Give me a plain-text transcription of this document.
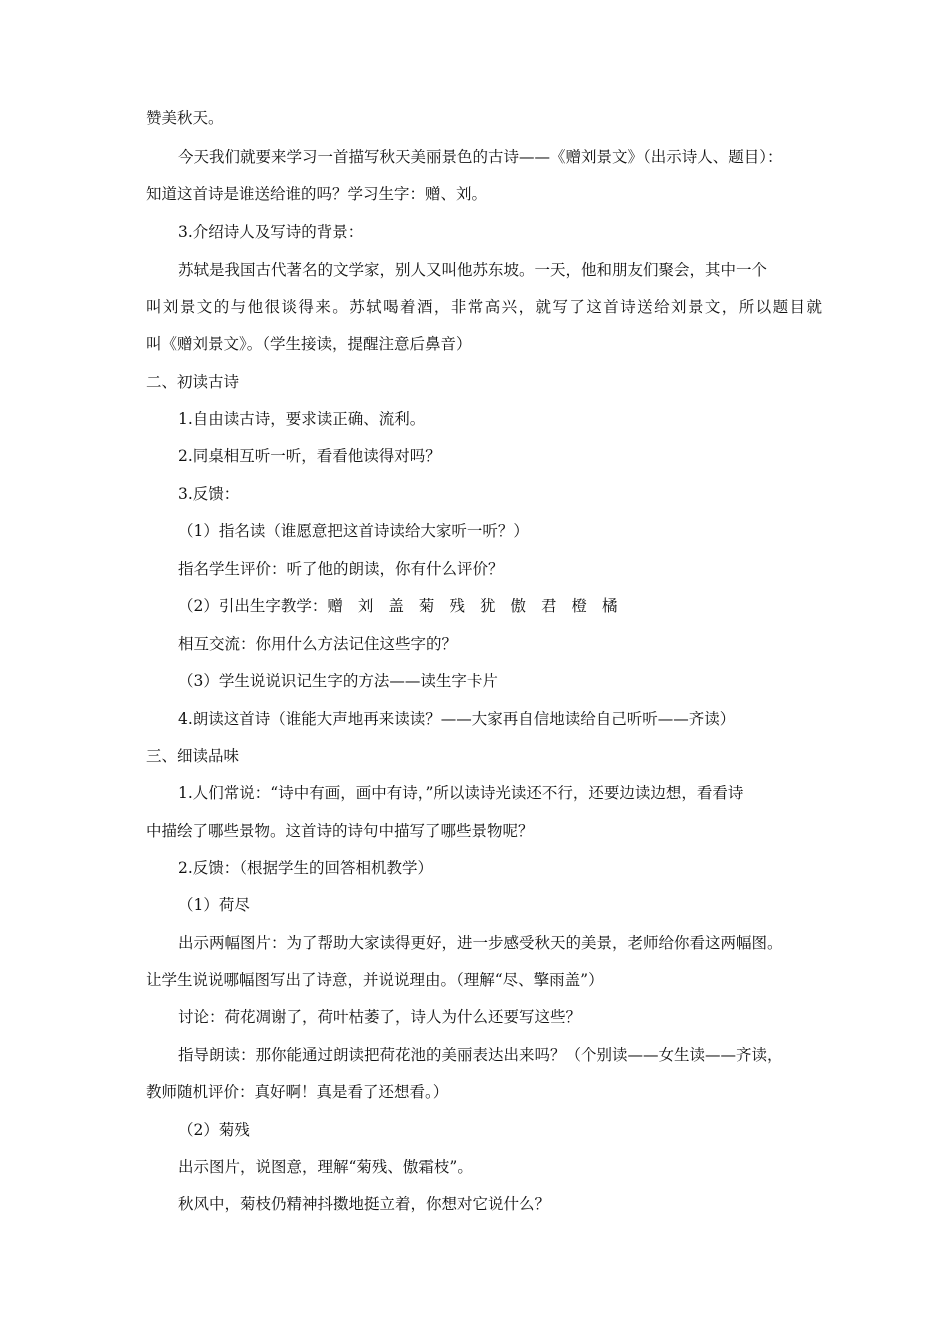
赞美秋天。
今天我们就要来学习一首描写秋天美丽景色的古诗——《赠刘景文》（出示诗人、题目）：
知道这首诗是谁送给谁的吗？学习生字：赠、刘。
3.介绍诗人及写诗的背景：
苏轼是我国古代著名的文学家，别人又叫他苏东坡。一天，他和朋友们聚会，其中一个
叫刘景文的与他很谈得来。苏轼喝着酒，非常高兴，就写了这首诗送给刘景文，所以题目就
叫《赠刘景文》。（学生接读，提醒注意后鼻音）
二、初读古诗
1.自由读古诗，要求读正确、流利。
2.同桌相互听一听，看看他读得对吗？
3.反馈：
（1）指名读（谁愿意把这首诗读给大家听一听？）
指名学生评价：听了他的朗读，你有什么评价？
（2）引出生字教学：赠 刘 盖 菊 残 犹 傲 君 橙 橘
相互交流：你用什么方法记住这些字的？
（3）学生说说识记生字的方法——读生字卡片
4.朗读这首诗（谁能大声地再来读读？——大家再自信地读给自己听听——齐读）
三、细读品味
1.人们常说：“诗中有画，画中有诗，”所以读诗光读还不行，还要边读边想，看看诗
中描绘了哪些景物。这首诗的诗句中描写了哪些景物呢？
2.反馈：（根据学生的回答相机教学）
（1）荷尽
出示两幅图片：为了帮助大家读得更好，进一步感受秋天的美景，老师给你看这两幅图。
让学生说说哪幅图写出了诗意，并说说理由。（理解“尽、擎雨盖”）
讨论：荷花凋谢了，荷叶枯萎了，诗人为什么还要写这些？
指导朗读：那你能通过朗读把荷花池的美丽表达出来吗？（个别读——女生读——齐读，
教师随机评价：真好啊！真是看了还想看。）
（2）菊残
出示图片，说图意，理解“菊残、傲霜枝”。
秋风中，菊枝仍精神抖擞地挺立着，你想对它说什么？
